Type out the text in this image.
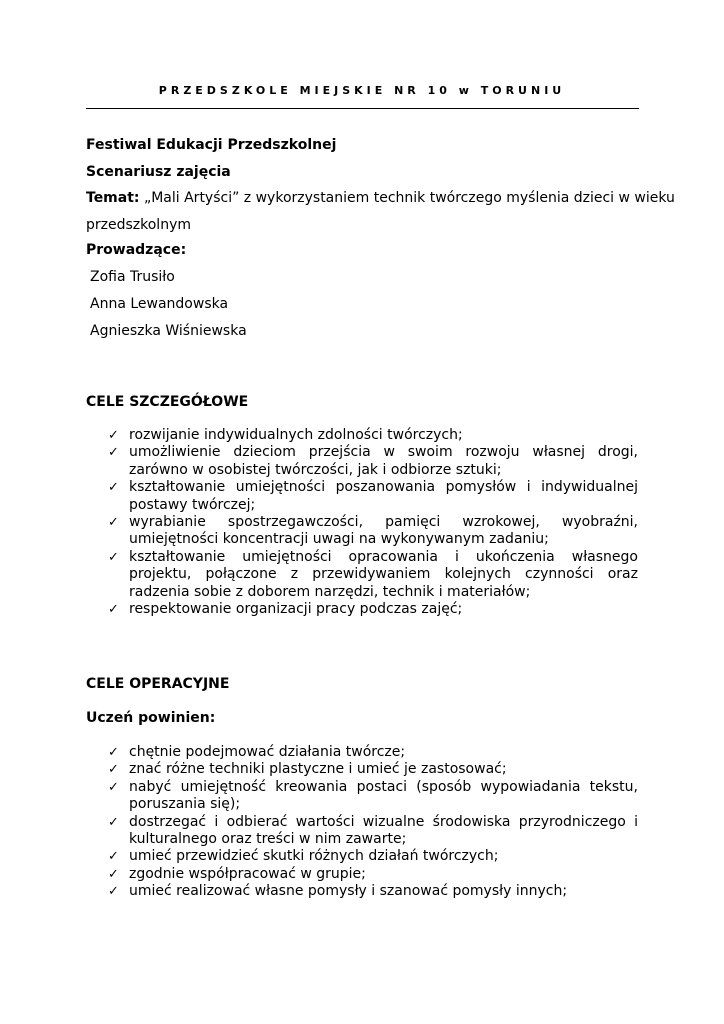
PRZEDSZKOLE MIEJSKIE NR 10 w TORUNIU
Festiwal Edukacji Przedszkolnej
Scenariusz zajęcia
Temat: „Mali Artyści” z wykorzystaniem technik twórczego myślenia dzieci w wieku
przedszkolnym
Prowadzące:
Zofia Trusiło
Anna Lewandowska
Agnieszka Wiśniewska
CELE SZCZEGÓŁOWE
✓ rozwijanie indywidualnych zdolności twórczych;
✓ umożliwienie dzieciom przejścia w swoim rozwoju własnej drogi, zarówno w osobistej twórczości, jak i odbiorze sztuki;
✓ kształtowanie umiejętności poszanowania pomysłów i indywidualnej postawy twórczej;
✓ wyrabianie spostrzegawczości, pamięci wzrokowej, wyobraźni, umiejętności koncentracji uwagi na wykonywanym zadaniu;
✓ kształtowanie umiejętności opracowania i ukończenia własnego projektu, połączone z przewidywaniem kolejnych czynności oraz radzenia sobie z doborem narzędzi, technik i materiałów;
✓ respektowanie organizacji pracy podczas zajęć;
CELE OPERACYJNE
Uczeń powinien:
✓ chętnie podejmować działania twórcze;
✓ znać różne techniki plastyczne i umieć je zastosować;
✓ nabyć umiejętność kreowania postaci (sposób wypowiadania tekstu, poruszania się);
✓ dostrzegać i odbierać wartości wizualne środowiska przyrodniczego i kulturalnego oraz treści w nim zawarte;
✓ umieć przewidzieć skutki różnych działań twórczych;
✓ zgodnie współpracować w grupie;
✓ umieć realizować własne pomysły i szanować pomysły innych;
